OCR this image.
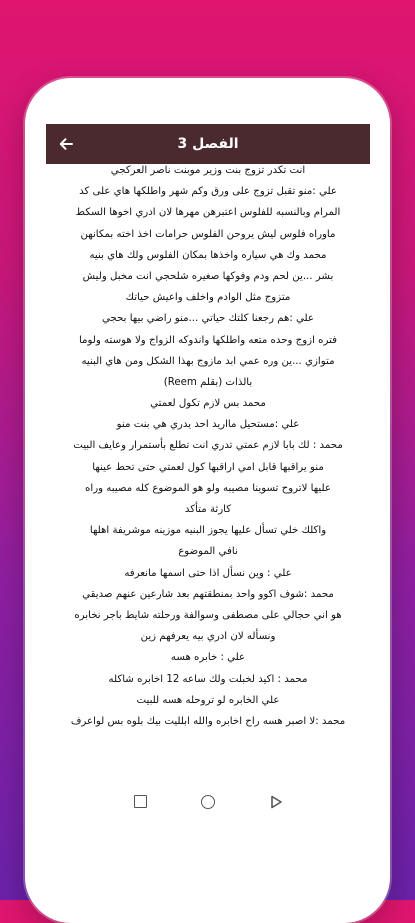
الفصل 3
انت تكدر تزوج بنت وزير موبنت ناصر العركجي
علي :منو تقبل تزوج على ورق وكم شهر واطلكها هاي على كد
المرام وبالنسبه للفلوس اعتبرهن مهرها لان ادري اخوها السكط
ماوراه فلوس ليش يروحن الفلوس حرامات اخذ اخته بمكانهن
محمد وك هي سياره واخذها بمكان الفلوس ولك هاي بنيه
بشر ...ين لحم ودم وفوكها صغيره شلحجي انت مخبل وليش
متزوج مثل الوادم واخلف واعيش حياتك
علي :هم رجعنا كلتك حياتي ...منو راضي بيها بحجي
فتره ازوج وحده متعه واطلكها واندوكه الزواج ولا هوسته ولوما
متوازي ...ين وره عمي ابد مازوج بهذا الشكل ومن هاي البنيه
بالذات (بقلم Reem)
محمد بس لازم تكول لعمتي
علي :مستحيل مااريد احد يدري هي بنت منو
محمد : لك بابا لازم عمتي تدري انت تطلع بأستمرار وعايف البيت
منو يراقبها قابل امي اراقبها كول لعمتي حتى تحط عينها
عليها لاتروح تسوينا مصيبه ولو هو الموضوع كله مصيبه وراه
كارثة متأكد
واكلك خلي تسأل عليها يجوز البنيه موزينه موشريفة اهلها
نافي الموضوع
علي : وين نسأل اذا حتى اسمها مانعرفه
محمد :شوف اكوو واحد بمنطقتهم بعد شارعين عنهم صديقي
هو اني حجالي على مصطفى وسوالفة ورحلته شايط باجر نخابره
ونسأله لان ادري بيه يعرفهم زين
علي : خابره هسه
محمد : اكيد لخبلت ولك ساعه 12 اخابره شاكله
علي الخابره لو تروحله هسه للبيت
محمد :لا اصبر هسه راح اخابره والله ابلليت بيك بلوه بس لواعرف
